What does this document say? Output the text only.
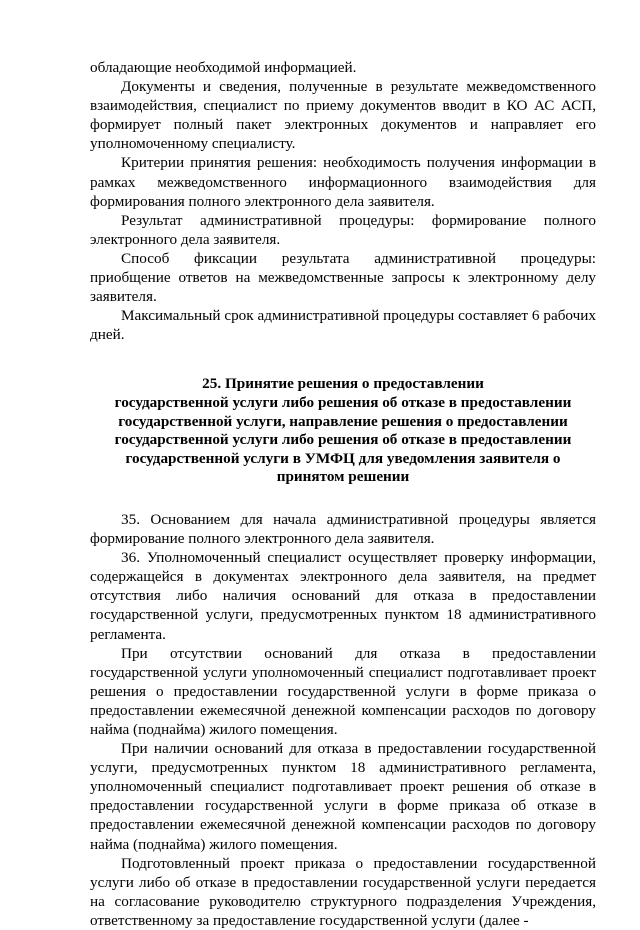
обладающие необходимой информацией.

Документы и сведения, полученные в результате межведомственного взаимодействия, специалист по приему документов вводит в КО АС АСП, формирует полный пакет электронных документов и направляет его уполномоченному специалисту.

Критерии принятия решения: необходимость получения информации в рамках межведомственного информационного взаимодействия для формирования полного электронного дела заявителя.

Результат административной процедуры: формирование полного электронного дела заявителя.

Способ фиксации результата административной процедуры: приобщение ответов на межведомственные запросы к электронному делу заявителя.

Максимальный срок административной процедуры составляет 6 рабочих дней.

25. Принятие решения о предоставлении
государственной услуги либо решения об отказе в предоставлении
государственной услуги, направление решения о предоставлении
государственной услуги либо решения об отказе в предоставлении
государственной услуги в УМФЦ для уведомления заявителя о
принятом решении

35. Основанием для начала административной процедуры является формирование полного электронного дела заявителя.

36. Уполномоченный специалист осуществляет проверку информации, содержащейся в документах электронного дела заявителя, на предмет отсутствия либо наличия оснований для отказа в предоставлении государственной услуги, предусмотренных пунктом 18 административного регламента.

При отсутствии оснований для отказа в предоставлении государственной услуги уполномоченный специалист подготавливает проект решения о предоставлении государственной услуги в форме приказа о предоставлении ежемесячной денежной компенсации расходов по договору найма (поднайма) жилого помещения.

При наличии оснований для отказа в предоставлении государственной услуги, предусмотренных пунктом 18 административного регламента, уполномоченный специалист подготавливает проект решения об отказе в предоставлении государственной услуги в форме приказа об отказе в предоставлении ежемесячной денежной компенсации расходов по договору найма (поднайма) жилого помещения.

Подготовленный проект приказа о предоставлении государственной услуги либо об отказе в предоставлении государственной услуги передается на согласование руководителю структурного подразделения Учреждения, ответственному за предоставление государственной услуги (далее -
